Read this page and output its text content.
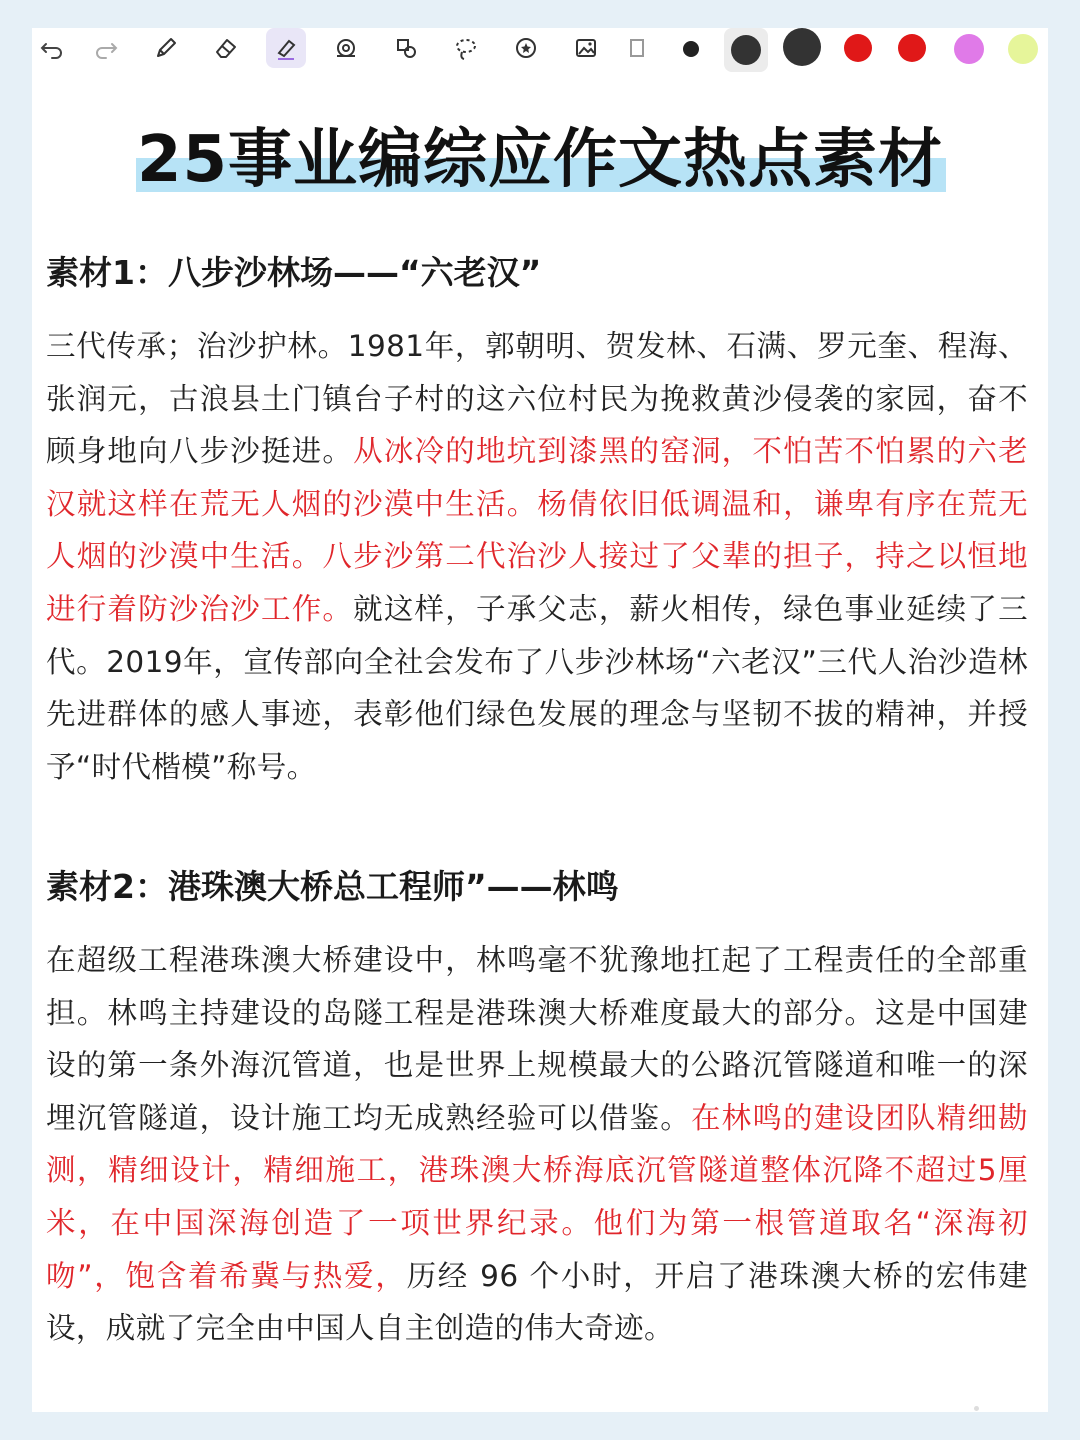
25事业编综应作文热点素材
素材1：八步沙林场——“六老汉”
三代传承；治沙护林。1981年，郭朝明、贺发林、石满、罗元奎、程海、张润元，古浪县土门镇台子村的这六位村民为挽救黄沙侵袭的家园，奋不顾身地向八步沙挺进。从冰冷的地坑到漆黑的窑洞，不怕苦不怕累的六老汉就这样在荒无人烟的沙漠中生活。杨倩依旧低调温和，谦卑有序在荒无人烟的沙漠中生活。八步沙第二代治沙人接过了父辈的担子，持之以恒地进行着防沙治沙工作。就这样，子承父志，薪火相传，绿色事业延续了三代。2019年，宣传部向全社会发布了八步沙林场“六老汉”三代人治沙造林先进群体的感人事迹，表彰他们绿色发展的理念与坚韧不拔的精神，并授予“时代楷模”称号。
素材2：港珠澳大桥总工程师”——林鸣
在超级工程港珠澳大桥建设中，林鸣毫不犹豫地扛起了工程责任的全部重担。林鸣主持建设的岛隧工程是港珠澳大桥难度最大的部分。这是中国建设的第一条外海沉管道，也是世界上规模最大的公路沉管隧道和唯一的深埋沉管隧道，设计施工均无成熟经验可以借鉴。在林鸣的建设团队精细勘测，精细设计，精细施工，港珠澳大桥海底沉管隧道整体沉降不超过5厘米，在中国深海创造了一项世界纪录。他们为第一根管道取名“深海初吻”，饱含着希冀与热爱，历经 96 个小时，开启了港珠澳大桥的宏伟建设，成就了完全由中国人自主创造的伟大奇迹。
